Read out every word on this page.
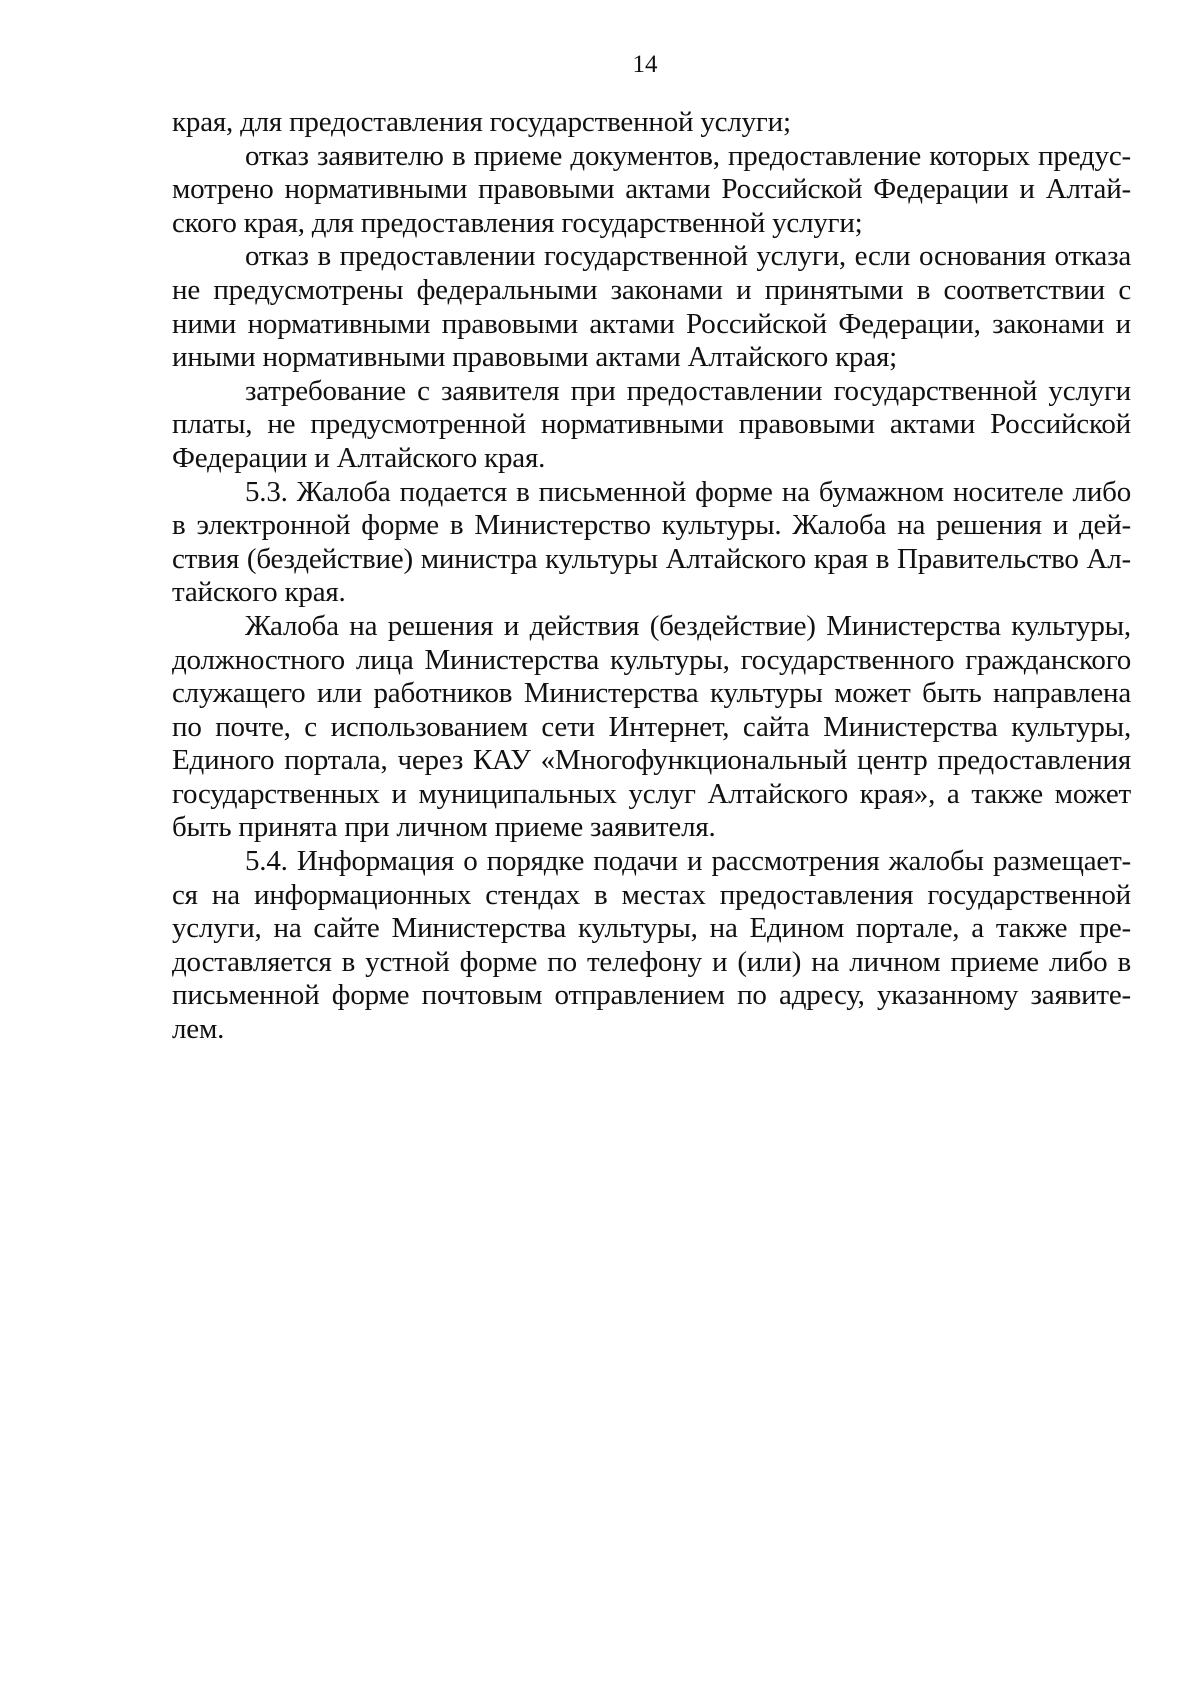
14

края, для предоставления государственной услуги;

отказ заявителю в приеме документов, предоставление которых предус-мотрено нормативными правовыми актами Российской Федерации и Алтай-ского края, для предоставления государственной услуги;

отказ в предоставлении государственной услуги, если основания отказа не предусмотрены федеральными законами и принятыми в соответствии с ними нормативными правовыми актами Российской Федерации, законами и иными нормативными правовыми актами Алтайского края;

затребование с заявителя при предоставлении государственной услуги платы, не предусмотренной нормативными правовыми актами Российской Федерации и Алтайского края.

5.3. Жалоба подается в письменной форме на бумажном носителе либо в электронной форме в Министерство культуры. Жалоба на решения и дей-ствия (бездействие) министра культуры Алтайского края в Правительство Ал-тайского края.

Жалоба на решения и действия (бездействие) Министерства культуры, должностного лица Министерства культуры, государственного гражданского служащего или работников Министерства культуры может быть направлена по почте, с использованием сети Интернет, сайта Министерства культуры, Единого портала, через КАУ «Многофункциональный центр предоставления государственных и муниципальных услуг Алтайского края», а также может быть принята при личном приеме заявителя.

5.4. Информация о порядке подачи и рассмотрения жалобы размещает-ся на информационных стендах в местах предоставления государственной услуги, на сайте Министерства культуры, на Едином портале, а также пре-доставляется в устной форме по телефону и (или) на личном приеме либо в письменной форме почтовым отправлением по адресу, указанному заявите-лем.
